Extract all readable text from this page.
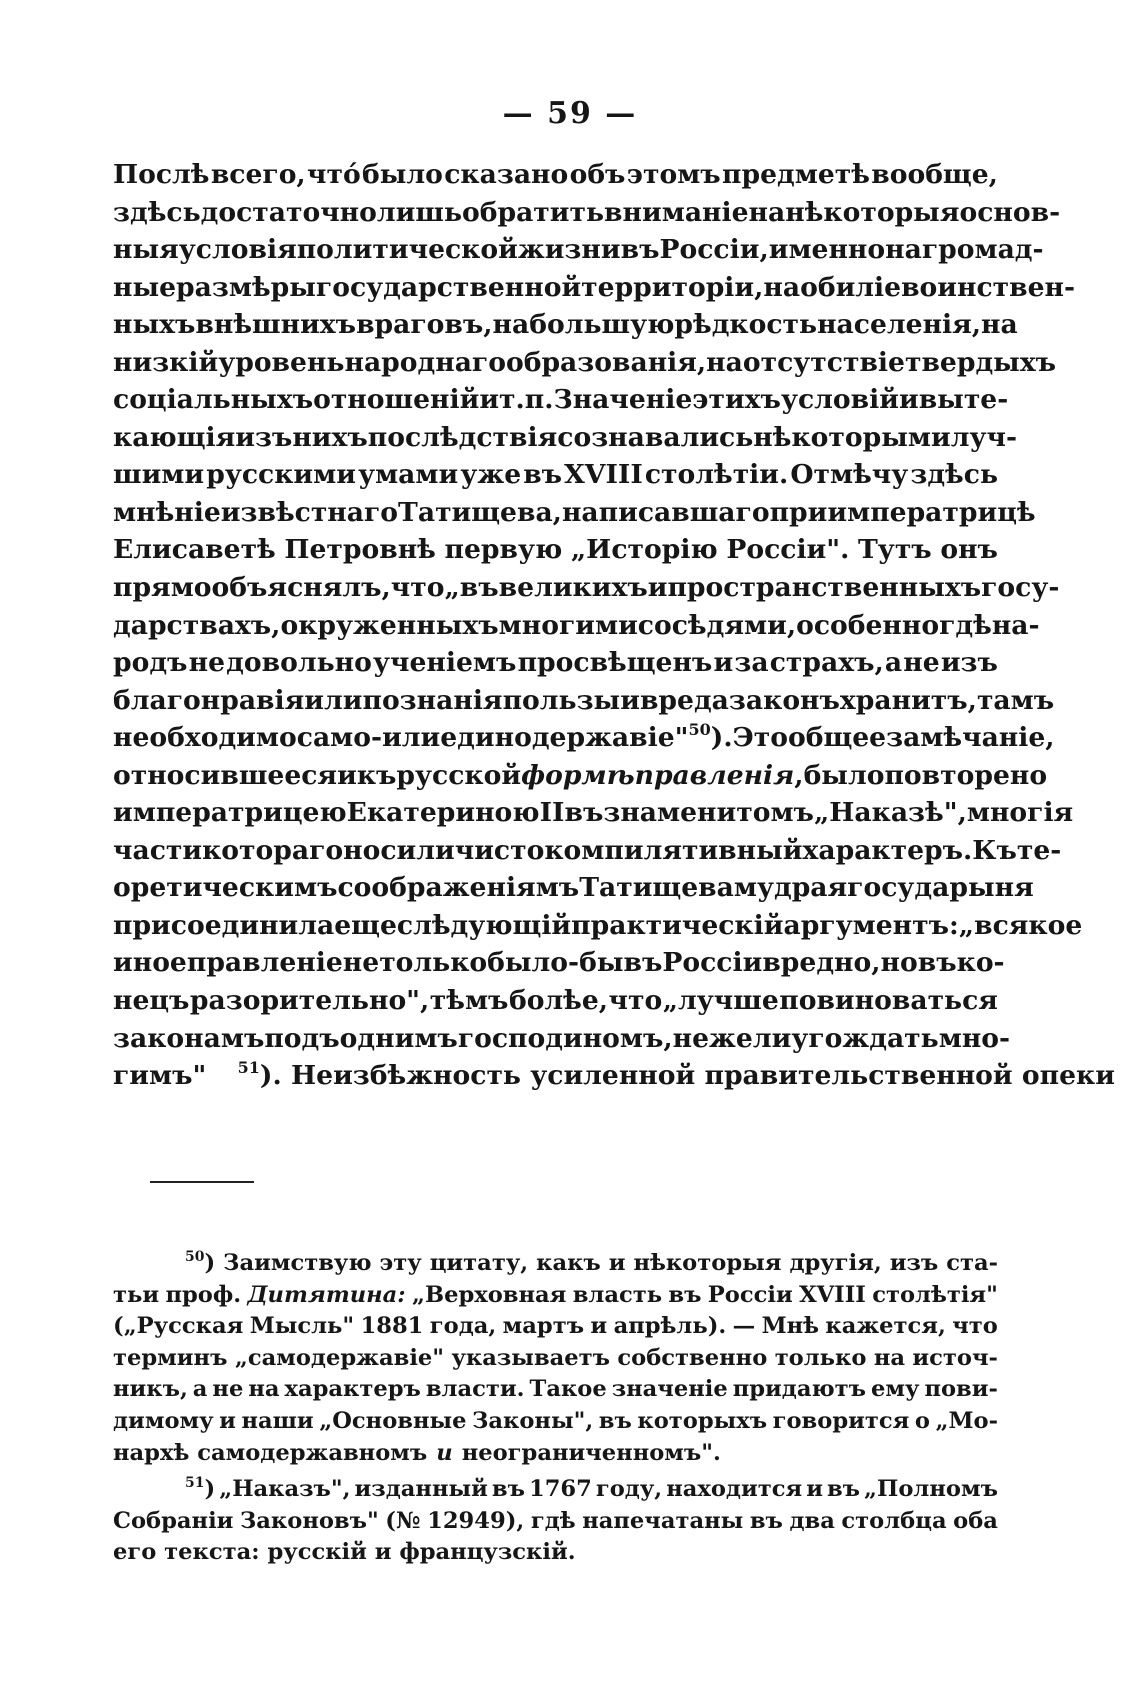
— 59 —
Послѣ всего, что́ было сказано объ этомъ предметѣ вообще,
здѣсь достаточно лишь обратить вниманіе на нѣкоторыя основ-
ныя условія политической жизни въ Россіи, именно на громад-
ные размѣры государственной территоріи, на обиліе воинствен-
ныхъ внѣшнихъ враговъ, на большую рѣдкость населенія, на
низкій уровень народнаго образованія, на отсутствіе твердыхъ
соціальныхъ отношеній и т. п. Значеніе этихъ условій и выте-
кающія изъ нихъ послѣдствія сознавались нѣкоторыми луч-
шими русскими умами уже въ XVIII столѣтіи. Отмѣчу здѣсь
мнѣніе извѣстнаго Татищева, написавшаго при императрицѣ
Елисаветѣ Петровнѣ первую „Исторію Россіи". Тутъ онъ
прямо объяснялъ, что „въ великихъ и пространственныхъ госу-
дарствахъ, окруженныхъ многими сосѣдями, особенно гдѣ на-
родъ не довольно ученіемъ просвѣщенъ и за страхъ, а не изъ
благонравія или познанія пользы и вреда законъ хранитъ, тамъ
необходимо само- или единодержавіе"50). Это общее замѣчаніе,
относившееся и къ русской формѣ правленія , было повторено
императрицею Екатериною II въ знаменитомъ „Наказѣ", многія
части котораго носили чисто компилятивный характеръ. Къ те-
оретическимъ соображеніямъ Татищева мудрая государыня
присоединила еще слѣдующій практическій аргументъ: „всякое
иное правленіе не только было-бы въ Россіи вредно, но въ ко-
нецъ разорительно", тѣмъ болѣе, что „лучше повиноваться
законамъ подъ однимъ господиномъ, нежели угождать мно-
гимъ" 51). Неизбѣжность усиленной правительственной опеки
$^{50}$) Заимствую эту цитату, какъ и нѣкоторыя другія, изъ ста-
тьи проф. Дитятина: „Верховная власть въ Россіи XVIII столѣтія"
(„Русская Мысль" 1881 года, мартъ и апрѣль). — Мнѣ кажется, что
терминъ „самодержавіе" указываетъ собственно только на источ-
никъ, а не на характеръ власти. Такое значеніе придаютъ ему пови-
димому и наши „Основные Законы", въ которыхъ говорится о „Мо-
нархѣ самодержавномъ и неограниченномъ".
$^{51}$) „Наказъ", изданный въ 1767 году, находится и въ „Полномъ
Собраніи Законовъ" (№ 12949), гдѣ напечатаны въ два столбца оба
его текста: русскій и французскій.
